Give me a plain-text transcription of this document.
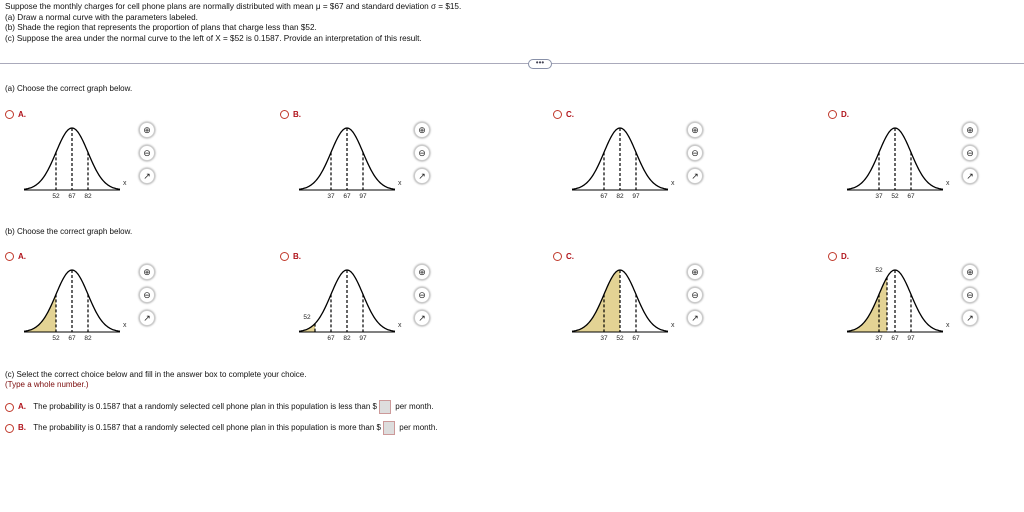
Suppose the monthly charges for cell phone plans are normally distributed with mean μ = $67 and standard deviation σ = $15.
(a) Draw a normal curve with the parameters labeled.
(b) Shade the region that represents the proportion of plans that charge less than $52.
(c) Suppose the area under the normal curve to the left of X = $52 is 0.1587. Provide an interpretation of this result.
•••
(a) Choose the correct graph below.
(b) Choose the correct graph below.
A.
52 67 82
x
⊕
⊖
↗
B.
37 67 97
x
⊕
⊖
↗
C.
67 82 97
x
⊕
⊖
↗
D.
37 52 67
x
⊕
⊖
↗
A.
52 67 82
x
⊕
⊖
↗
B.
67 82 97
52
x
⊕
⊖
↗
C.
37 52 67
x
⊕
⊖
↗
D.
37 67 97
52
x
⊕
⊖
↗
(c) Select the correct choice below and fill in the answer box to complete your choice.
(Type a whole number.)
A. The probability is 0.1587 that a randomly selected cell phone plan in this population is less than $ per month.
B. The probability is 0.1587 that a randomly selected cell phone plan in this population is more than $ per month.
